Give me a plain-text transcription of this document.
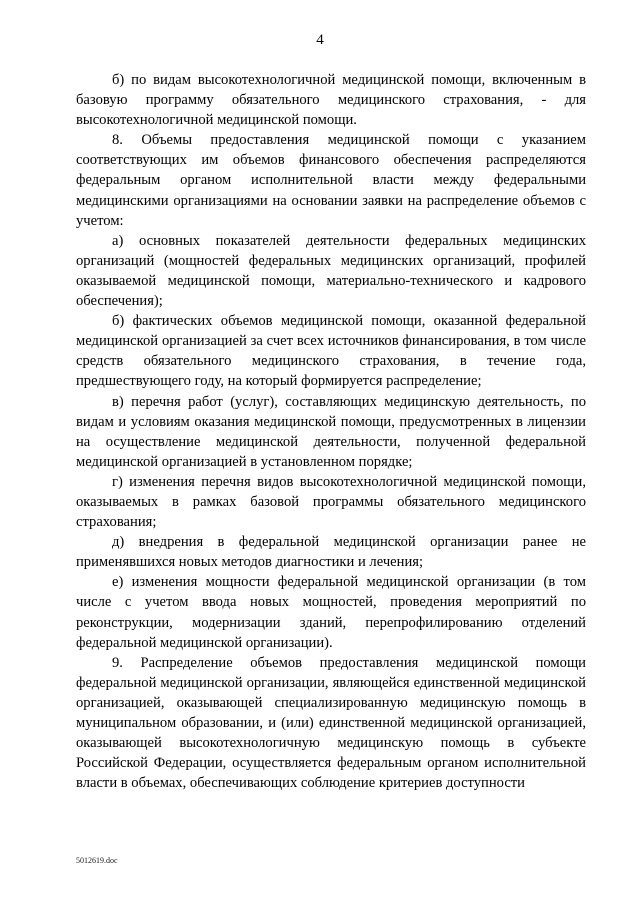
4

б) по видам высокотехнологичной медицинской помощи, включенным в базовую программу обязательного медицинского страхования, - для высокотехнологичной медицинской помощи.

8. Объемы предоставления медицинской помощи с указанием соответствующих им объемов финансового обеспечения распределяются федеральным органом исполнительной власти между федеральными медицинскими организациями на основании заявки на распределение объемов с учетом:

а) основных показателей деятельности федеральных медицинских организаций (мощностей федеральных медицинских организаций, профилей оказываемой медицинской помощи, материально-технического и кадрового обеспечения);

б) фактических объемов медицинской помощи, оказанной федеральной медицинской организацией за счет всех источников финансирования, в том числе средств обязательного медицинского страхования, в течение года, предшествующего году, на который формируется распределение;

в) перечня работ (услуг), составляющих медицинскую деятельность, по видам и условиям оказания медицинской помощи, предусмотренных в лицензии на осуществление медицинской деятельности, полученной федеральной медицинской организацией в установленном порядке;

г) изменения перечня видов высокотехнологичной медицинской помощи, оказываемых в рамках базовой программы обязательного медицинского страхования;

д) внедрения в федеральной медицинской организации ранее не применявшихся новых методов диагностики и лечения;

е) изменения мощности федеральной медицинской организации (в том числе с учетом ввода новых мощностей, проведения мероприятий по реконструкции, модернизации зданий, перепрофилированию отделений федеральной медицинской организации).

9. Распределение объемов предоставления медицинской помощи федеральной медицинской организации, являющейся единственной медицинской организацией, оказывающей специализированную медицинскую помощь в муниципальном образовании, и (или) единственной медицинской организацией, оказывающей высокотехнологичную медицинскую помощь в субъекте Российской Федерации, осуществляется федеральным органом исполнительной власти в объемах, обеспечивающих соблюдение критериев доступности

5012619.doc
